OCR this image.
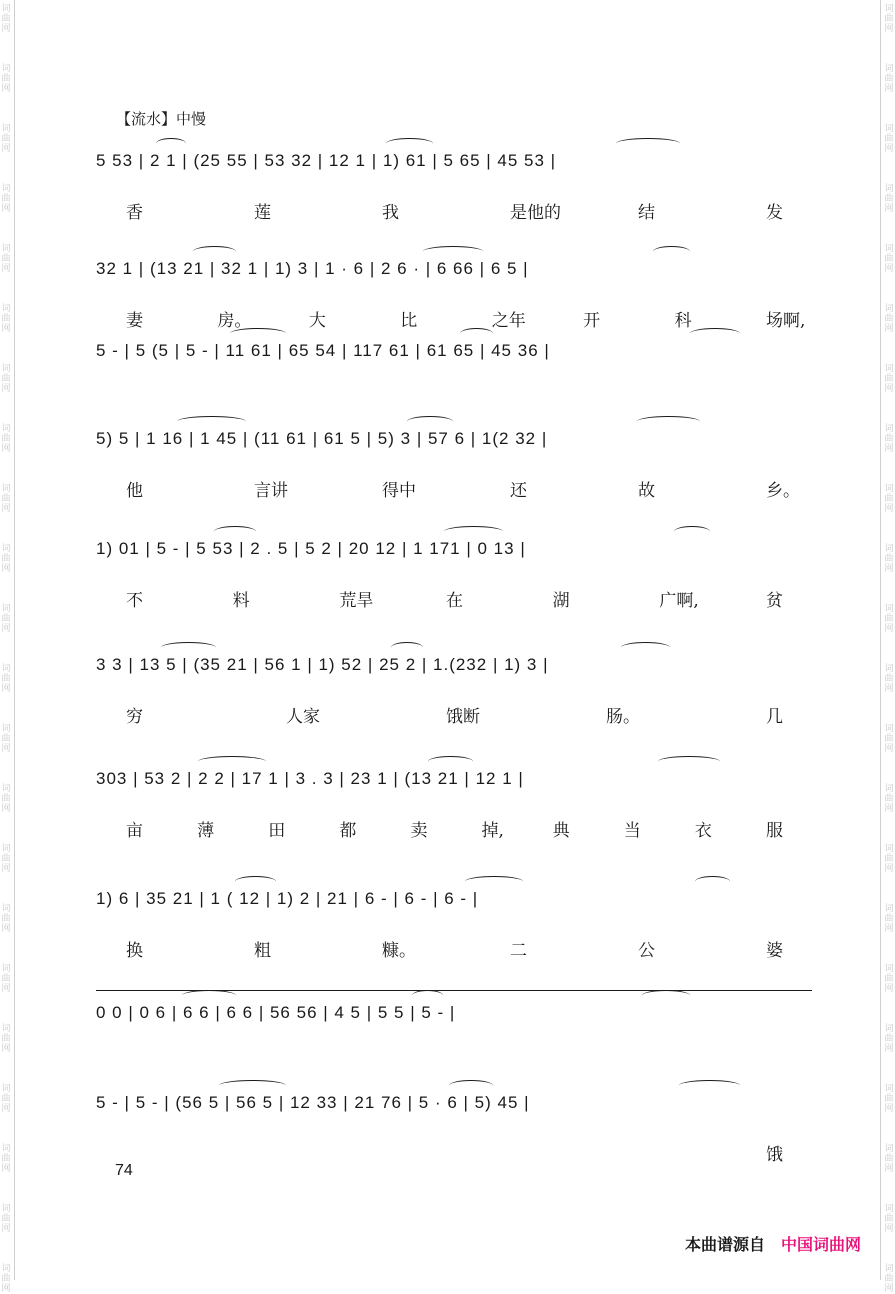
词
曲
网
词
曲
网
词
曲
网
词
曲
网
词
曲
网
词
曲
网
词
曲
网
词
曲
网
词
曲
网
词
曲
网
词
曲
网
词
曲
网
词
曲
网
词
曲
网
词
曲
网
词
曲
网
词
曲
网
词
曲
网
词
曲
网
词
曲
网
词
曲
网
词
曲
网
词
曲
网
词
曲
网
词
曲
网
词
曲
网
词
曲
网
词
曲
网
词
曲
网
词
曲
网
词
曲
网
词
曲
网
词
曲
网
词
曲
网
词
曲
网
词
曲
网
词
曲
网
词
曲
网
词
曲
网
词
曲
网
词
曲
网
词
曲
网
词
曲
网
词
曲
网
【流水】中慢
5 53 | 2 1 | (25 55 | 53 32 | 12 1 | 1) 61 | 5 65 | 45 53 |
香	莲	我	是他的	结	发
32 1 | (13 21 | 32 1 | 1) 3 | 1 · 6 | 2 6 · | 6 66 | 6 5 |
妻	房。	大	比	之年	开	科	场啊,
5 - | 5 (5 | 5 - | 11 61 | 65 54 | 117 61 | 61 65 | 45 36 |
5) 5 | 1 16 | 1 45 | (11 61 | 61 5 | 5) 3 | 57 6 | 1(2 32 |
他	言讲	得中	还	故	乡。
1) 01 | 5 - | 5 53 | 2 . 5 | 5 2 | 20 12 | 1 171 | 0 13 |
不	料	荒旱	在	湖	广啊,	贫
3 3 | 13 5 | (35 21 | 56 1 | 1) 52 | 25 2 | 1.(232 | 1) 3 |
穷	人家	饿断	肠。	几
303 | 53 2 | 2 2 | 17 1 | 3 . 3 | 23 1 | (13 21 | 12 1 |
亩	薄	田	都	卖	掉,	典	当	衣	服
1) 6 | 35 21 | 1 ( 12 | 1) 2 | 21 | 6 - | 6 - | 6 - |
换	粗	糠。	二	公	婆
0 0 | 0 6 | 6 6 | 6 6 | 56 56 | 4 5 | 5 5 | 5 - |
5 - | 5 - | (56 5 | 56 5 | 12 33 | 21 76 | 5 · 6 | 5) 45 |
饿
74
本曲谱源自 中国词曲网
